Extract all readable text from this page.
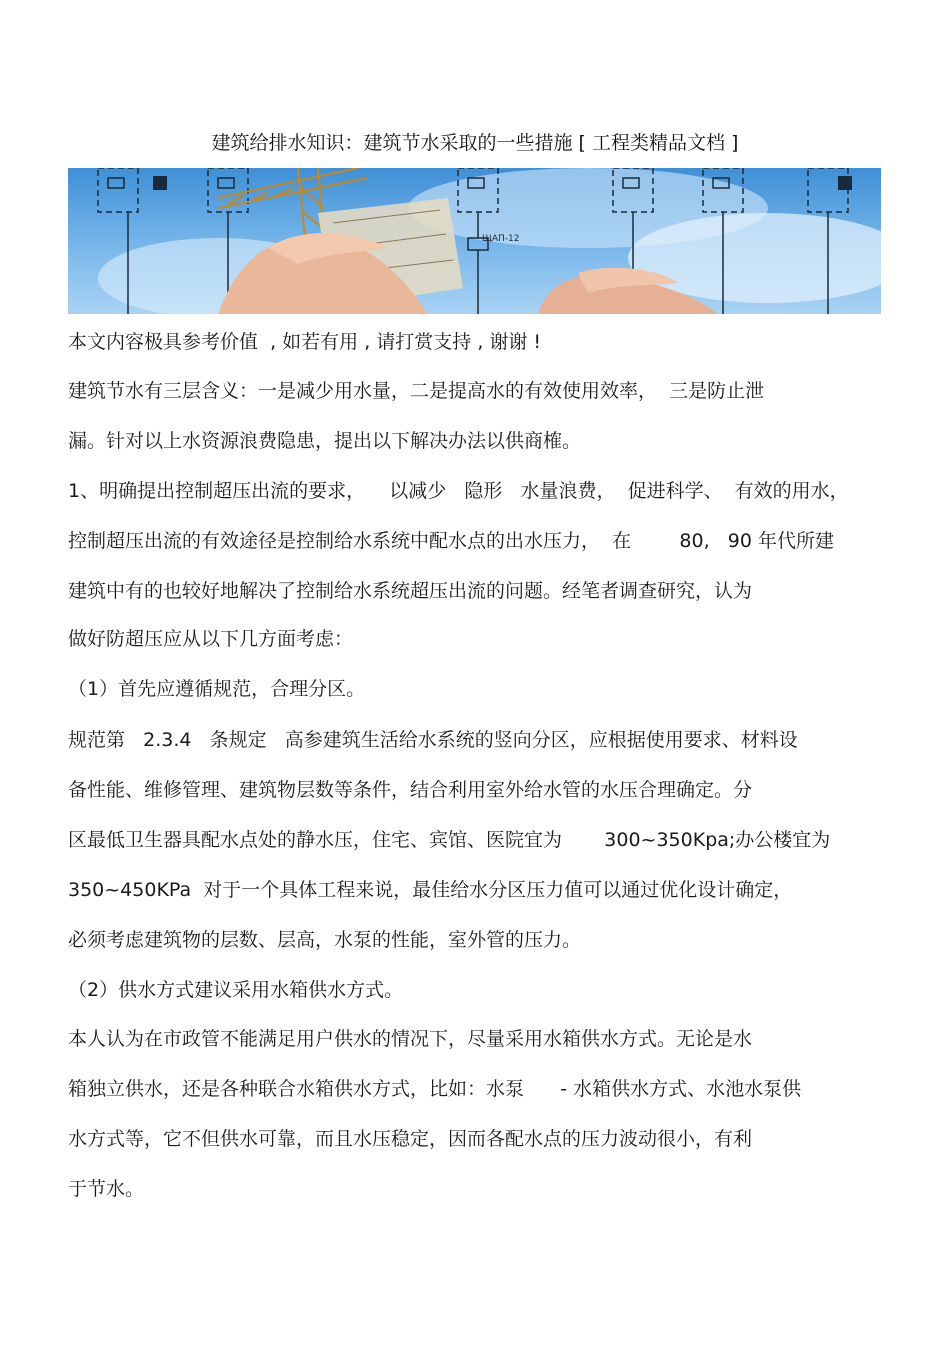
建筑给排水知识：建筑节水采取的一些措施 [ 工程类精品文档 ]
ЩАП-12
本文内容极具参考价值  , 如若有用 , 请打赏支持 , 谢谢 !
建筑节水有三层含义：一是减少用水量，二是提高水的有效使用效率，  三是防止泄
漏。针对以上水资源浪费隐患，提出以下解决办法以供商榷。
1、明确提出控制超压出流的要求，    以减少   隐形   水量浪费，  促进科学、  有效的用水，
控制超压出流的有效途径是控制给水系统中配水点的出水压力，  在        80,   90 年代所建
建筑中有的也较好地解决了控制给水系统超压出流的问题。经笔者调查研究，认为
做好防超压应从以下几方面考虑：
（1）首先应遵循规范，合理分区。
规范第   2.3.4   条规定   高参建筑生活给水系统的竖向分区，应根据使用要求、材料设
备性能、维修管理、建筑物层数等条件，结合利用室外给水管的水压合理确定。分
区最低卫生器具配水点处的静水压，住宅、宾馆、医院宜为       300~350Kpa;办公楼宜为
350~450KPa  对于一个具体工程来说，最佳给水分区压力值可以通过优化设计确定，
必须考虑建筑物的层数、层高，水泵的性能，室外管的压力。
（2）供水方式建议采用水箱供水方式。
本人认为在市政管不能满足用户供水的情况下，尽量采用水箱供水方式。无论是水
箱独立供水，还是各种联合水箱供水方式，比如：水泵      - 水箱供水方式、水池水泵供
水方式等，它不但供水可靠，而且水压稳定，因而各配水点的压力波动很小，有利
于节水。
